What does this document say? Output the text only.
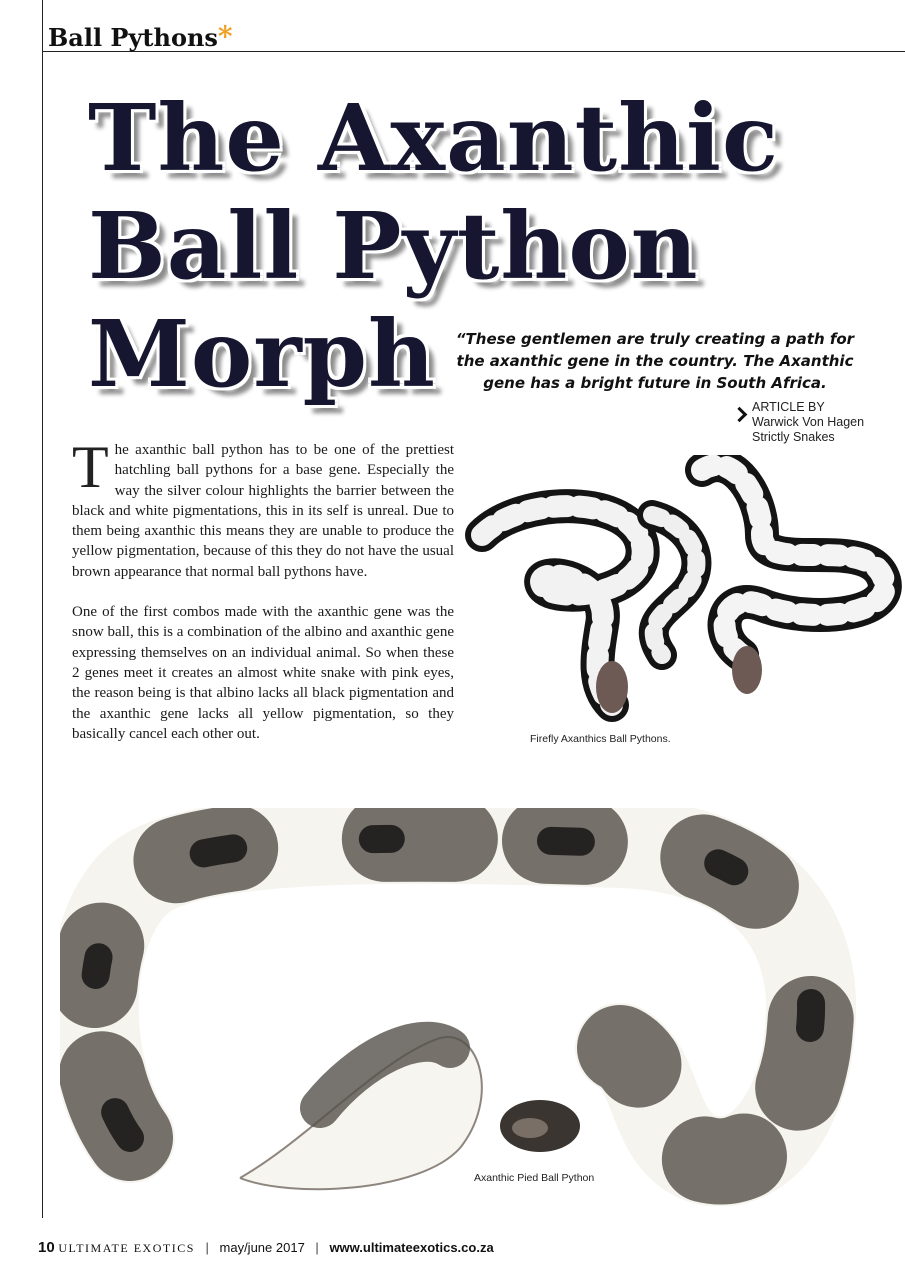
Ball Pythons*
The Axanthic
Ball Python
Morph	“These gentlemen are truly creating a path for the axanthic gene in the country. The Axanthic gene has a bright future in South Africa.
ARTICLE BY
Warwick Von Hagen
Strictly Snakes

The axanthic ball python has to be one of the prettiest hatchling ball pythons for a base gene. Especially the way the silver colour highlights the barrier between the black and white pigmentations, this in its self is unreal. Due to them being axanthic this means they are unable to produce the yellow pigmentation, because of this they do not have the usual brown appearance that normal ball pythons have.

One of the first combos made with the axanthic gene was the snow ball, this is a combination of the albino and axanthic gene expressing themselves on an individual animal. So when these 2 genes meet it creates an almost white snake with pink eyes, the reason being is that albino lacks all black pigmentation and the axanthic gene lacks all yellow pigmentation, so they basically cancel each other out.	Firefly Axanthics Ball Pythons.
Axanthic Pied Ball Python
10 ULTIMATE EXOTICS | may/june 2017 | www.ultimateexotics.co.za
